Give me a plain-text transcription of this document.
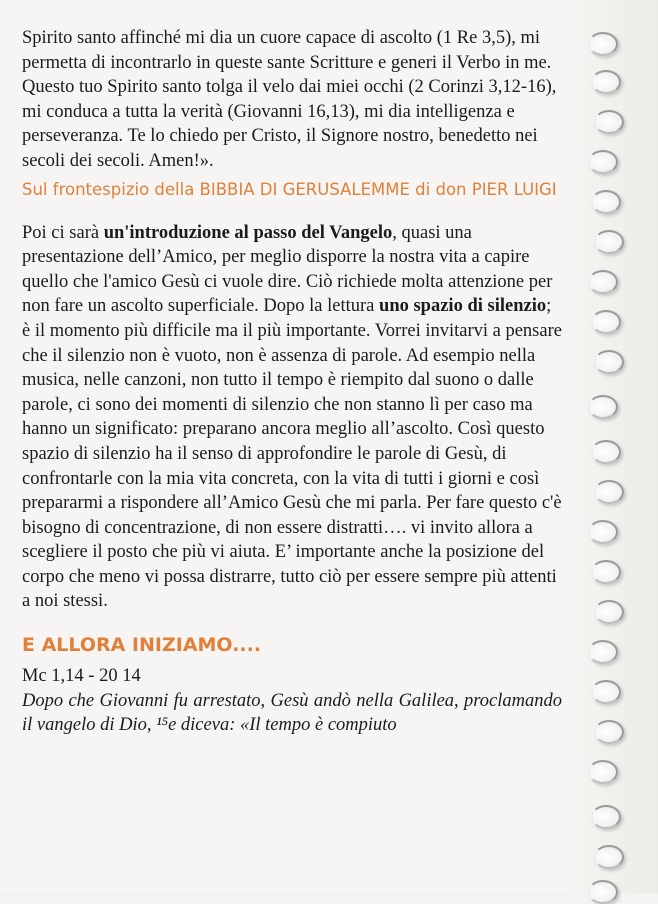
Spirito santo affinché mi dia un cuore capace di ascolto (1 Re 3,5), mi permetta di incontrarlo in queste sante Scritture e generi il Verbo in me. Questo tuo Spirito santo tolga il velo dai miei occhi (2 Corinzi 3,12-16), mi conduca a tutta la verità (Giovanni 16,13), mi dia intelligenza e perseveranza. Te lo chiedo per Cristo, il Signore nostro, benedetto nei secoli dei secoli. Amen!».

Sul frontespizio della BIBBIA DI GERUSALEMME di don PIER LUIGI

Poi ci sarà un'introduzione al passo del Vangelo, quasi una presentazione dell’Amico, per meglio disporre la nostra vita a capire quello che l'amico Gesù ci vuole dire. Ciò richiede molta attenzione per non fare un ascolto superficiale. Dopo la lettura uno spazio di silenzio; è il momento più difficile ma il più importante. Vorrei invitarvi a pensare che il silenzio non è vuoto, non è assenza di parole. Ad esempio nella musica, nelle canzoni, non tutto il tempo è riempito dal suono o dalle parole, ci sono dei momenti di silenzio che non stanno lì per caso ma hanno un significato: preparano ancora meglio all’ascolto. Così questo spazio di silenzio ha il senso di approfondire le parole di Gesù, di confrontarle con la mia vita concreta, con la vita di tutti i giorni e così prepararmi a rispondere all’Amico Gesù che mi parla. Per fare questo c'è bisogno di concentrazione, di non essere distratti…. vi invito allora a scegliere il posto che più vi aiuta. E’ importante anche la posizione del corpo che meno vi possa distrarre, tutto ciò per essere sempre più attenti a noi stessi.

E ALLORA INIZIAMO....

Mc 1,14 - 20 14

Dopo che Giovanni fu arrestato, Gesù andò nella Galilea, proclamando il vangelo di Dio, ¹⁵e diceva: «Il tempo è compiuto
